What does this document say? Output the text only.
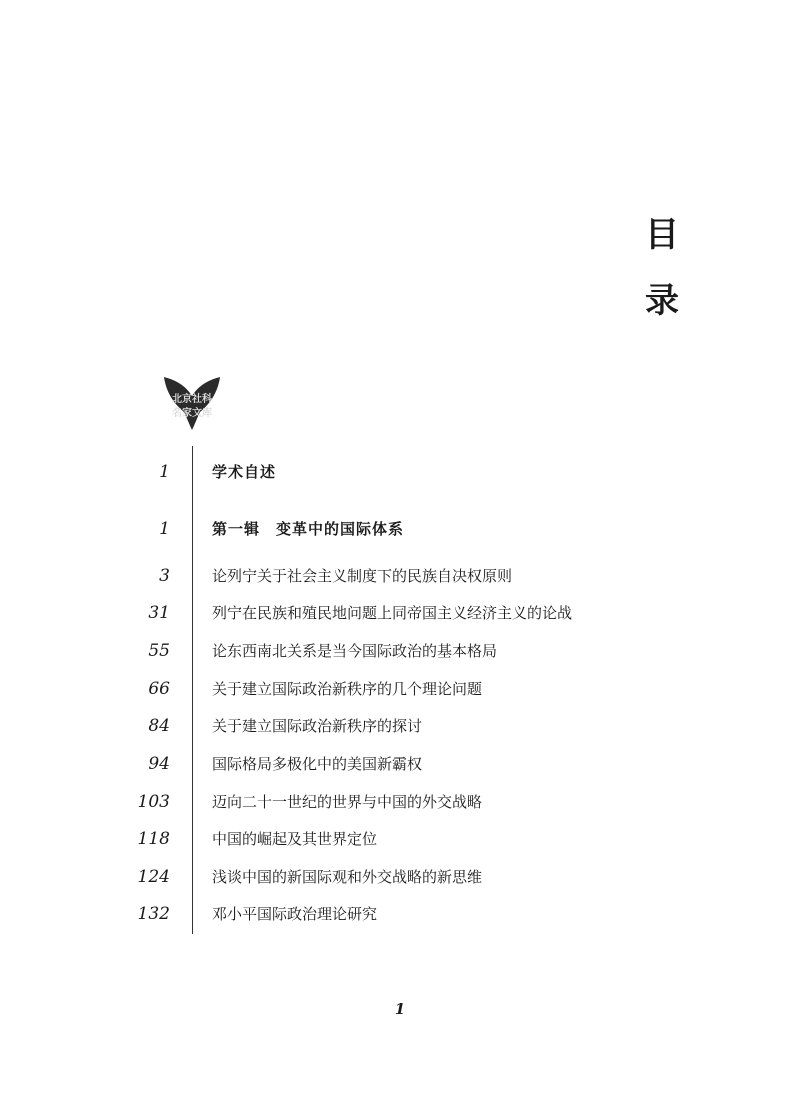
目
录
北京社科
名家文库
1	学术自述
1	第一辑　变革中的国际体系
3	论列宁关于社会主义制度下的民族自决权原则
31	列宁在民族和殖民地问题上同帝国主义经济主义的论战
55	论东西南北关系是当今国际政治的基本格局
66	关于建立国际政治新秩序的几个理论问题
84	关于建立国际政治新秩序的探讨
94	国际格局多极化中的美国新霸权
103	迈向二十一世纪的世界与中国的外交战略
118	中国的崛起及其世界定位
124	浅谈中国的新国际观和外交战略的新思维
132	邓小平国际政治理论研究
1
